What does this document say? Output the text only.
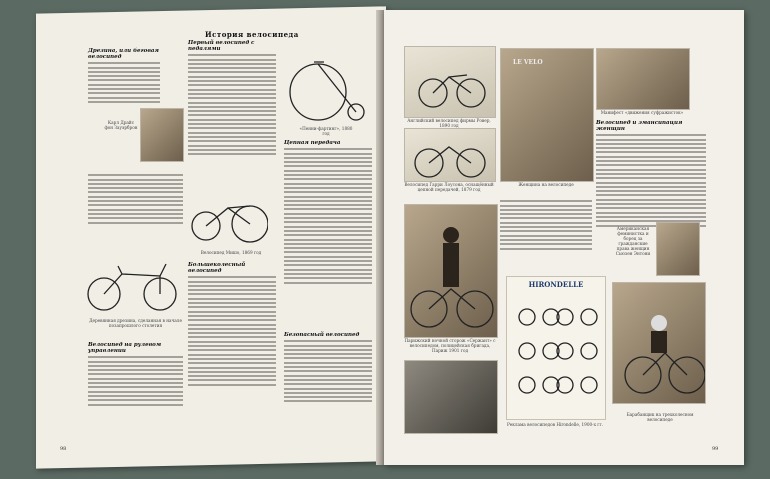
История велосипеда
Дрезина, или беговая велосипед
Карл Драйс фон Зауэрброн
Деревянная дрезина, сделанная в начале позапрошлого столетия
Велосипед на рулевом управлении
Первый велосипед с педалями
Велосипед Мишо, 1869 год
Большеколесный велосипед
«Пенни-фартинг», 1880 год
Цепная передача
Безопасный велосипед
98
Английский велосипед фирмы Ровер, 1890 год
Велосипед Гарри Лоусона, оснащённый цепной передачей, 1879 год
LE VELO
Женщина на велосипеде
Манифест «движения суфражисток»
Велосипед и эмансипация женщин
Парижский ночной сторож «Сержант» с велосипедом, полицейская бригада, Париж 1901 год
HIRONDELLE
Реклама велосипедов Hirondelle, 1900-х гг.
Американская феминистка и борец за гражданские права женщин Сьюзен Энтони
Барабанщик на трехколесном велосипеде
99
